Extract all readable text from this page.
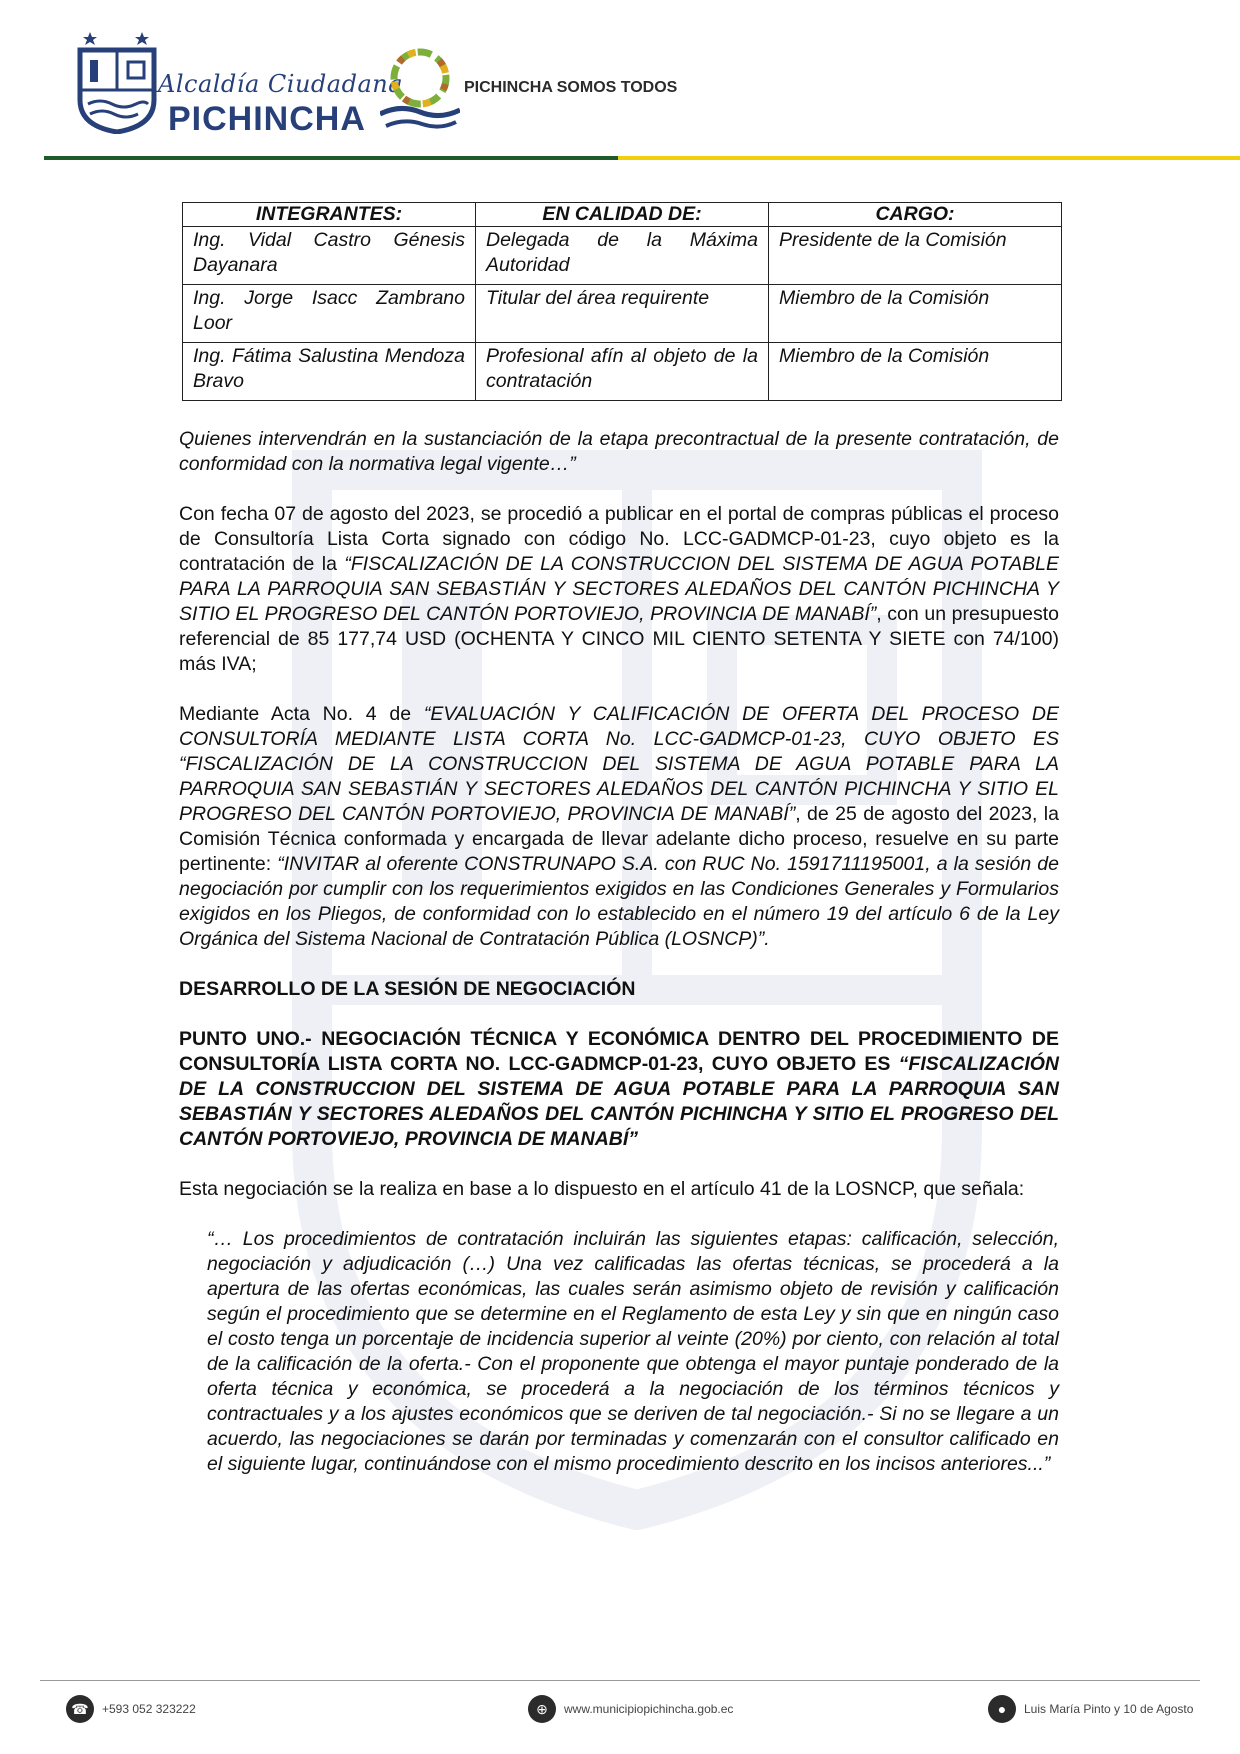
Alcaldía Ciudadana
PICHINCHA
PICHINCHA SOMOS TODOS
INTEGRANTES:	EN CALIDAD DE:	CARGO:
Ing. Vidal Castro Génesis Dayanara	Delegada de la Máxima Autoridad	Presidente de la Comisión
Ing. Jorge Isacc Zambrano Loor	Titular del área requirente	Miembro de la Comisión
Ing. Fátima Salustina Mendoza Bravo	Profesional afín al objeto de la contratación	Miembro de la Comisión

Quienes intervendrán en la sustanciación de la etapa precontractual de la presente contratación, de conformidad con la normativa legal vigente…”

Con fecha 07 de agosto del 2023, se procedió a publicar en el portal de compras públicas el proceso de Consultoría Lista Corta signado con código No. LCC-GADMCP-01-23, cuyo objeto es la contratación de la “FISCALIZACIÓN DE LA CONSTRUCCION DEL SISTEMA DE AGUA POTABLE PARA LA PARROQUIA SAN SEBASTIÁN Y SECTORES ALEDAÑOS DEL CANTÓN PICHINCHA Y SITIO EL PROGRESO DEL CANTÓN PORTOVIEJO, PROVINCIA DE MANABÍ”, con un presupuesto referencial de 85 177,74 USD (OCHENTA Y CINCO MIL CIENTO SETENTA Y SIETE con 74/100) más IVA;

Mediante Acta No. 4 de “EVALUACIÓN Y CALIFICACIÓN DE OFERTA DEL PROCESO DE CONSULTORÍA MEDIANTE LISTA CORTA No. LCC-GADMCP-01-23, CUYO OBJETO ES “FISCALIZACIÓN DE LA CONSTRUCCION DEL SISTEMA DE AGUA POTABLE PARA LA PARROQUIA SAN SEBASTIÁN Y SECTORES ALEDAÑOS DEL CANTÓN PICHINCHA Y SITIO EL PROGRESO DEL CANTÓN PORTOVIEJO, PROVINCIA DE MANABÍ”, de 25 de agosto del 2023, la Comisión Técnica conformada y encargada de llevar adelante dicho proceso, resuelve en su parte pertinente: “INVITAR al oferente CONSTRUNAPO S.A. con RUC No. 1591711195001, a la sesión de negociación por cumplir con los requerimientos exigidos en las Condiciones Generales y Formularios exigidos en los Pliegos, de conformidad con lo establecido en el número 19 del artículo 6 de la Ley Orgánica del Sistema Nacional de Contratación Pública (LOSNCP)”.

DESARROLLO DE LA SESIÓN DE NEGOCIACIÓN

PUNTO UNO.- NEGOCIACIÓN TÉCNICA Y ECONÓMICA DENTRO DEL PROCEDIMIENTO DE CONSULTORÍA LISTA CORTA NO. LCC-GADMCP-01-23, CUYO OBJETO ES “FISCALIZACIÓN DE LA CONSTRUCCION DEL SISTEMA DE AGUA POTABLE PARA LA PARROQUIA SAN SEBASTIÁN Y SECTORES ALEDAÑOS DEL CANTÓN PICHINCHA Y SITIO EL PROGRESO DEL CANTÓN PORTOVIEJO, PROVINCIA DE MANABÍ”

Esta negociación se la realiza en base a lo dispuesto en el artículo 41 de la LOSNCP, que señala:

“… Los procedimientos de contratación incluirán las siguientes etapas: calificación, selección, negociación y adjudicación (…) Una vez calificadas las ofertas técnicas, se procederá a la apertura de las ofertas económicas, las cuales serán asimismo objeto de revisión y calificación según el procedimiento que se determine en el Reglamento de esta Ley y sin que en ningún caso el costo tenga un porcentaje de incidencia superior al veinte (20%) por ciento, con relación al total de la calificación de la oferta.- Con el proponente que obtenga el mayor puntaje ponderado de la oferta técnica y económica, se procederá a la negociación de los términos técnicos y contractuales y a los ajustes económicos que se deriven de tal negociación.- Si no se llegare a un acuerdo, las negociaciones se darán por terminadas y comenzarán con el consultor calificado en el siguiente lugar, continuándose con el mismo procedimiento descrito en los incisos anteriores...”

☎	+593 052 323222	⊕	www.municipiopichincha.gob.ec	●	Luis María Pinto y 10 de Agosto
